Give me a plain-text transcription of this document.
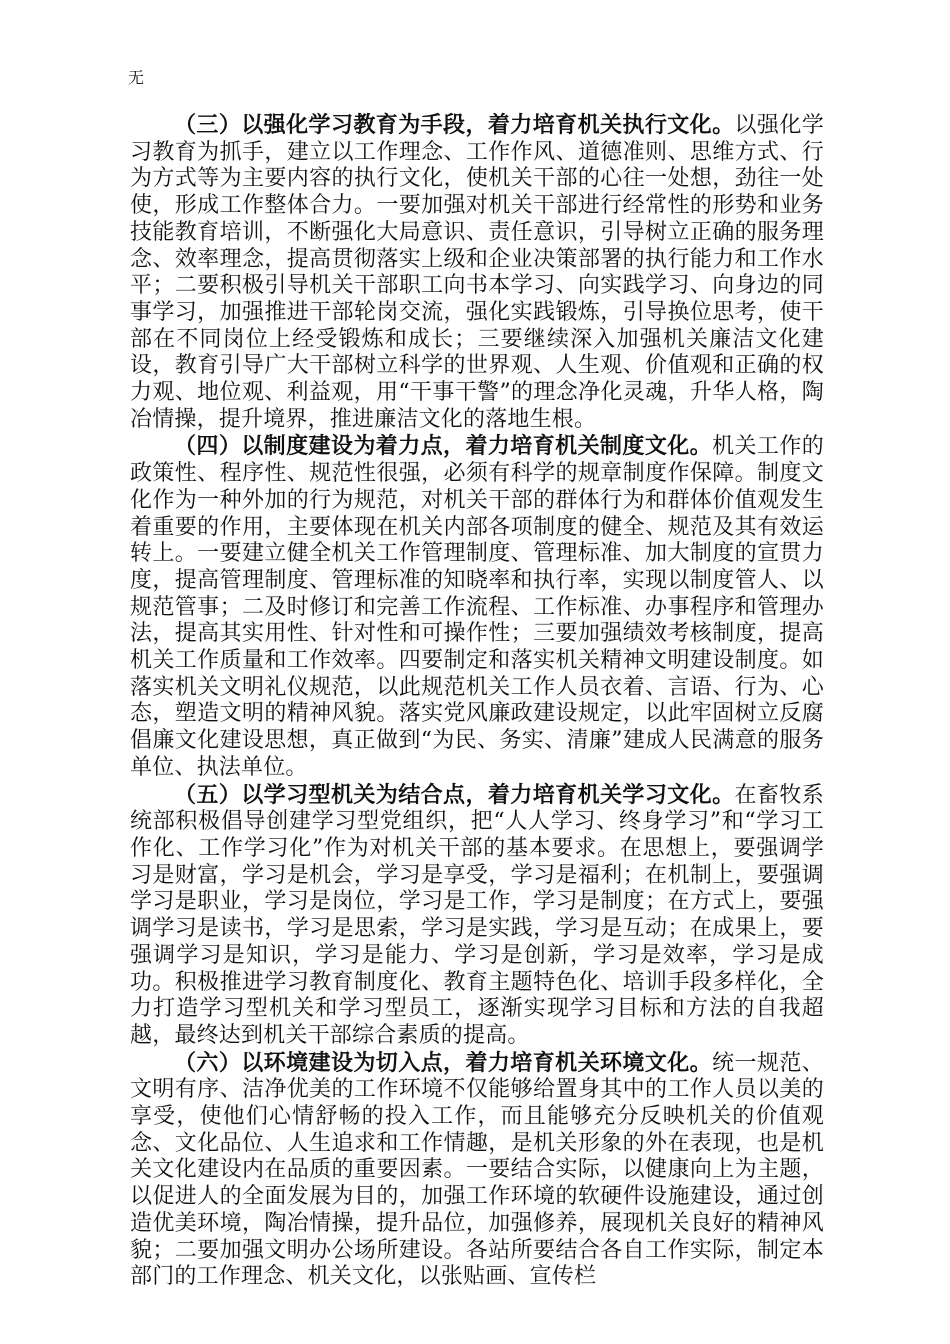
无

（三）以强化学习教育为手段，着力培育机关执行文化。以强化学习教育为抓手，建立以工作理念、工作作风、道德准则、思维方式、行为方式等为主要内容的执行文化，使机关干部的心往一处想，劲往一处使，形成工作整体合力。一要加强对机关干部进行经常性的形势和业务技能教育培训，不断强化大局意识、责任意识，引导树立正确的服务理念、效率理念，提高贯彻落实上级和企业决策部署的执行能力和工作水平；二要积极引导机关干部职工向书本学习、向实践学习、向身边的同事学习，加强推进干部轮岗交流，强化实践锻炼，引导换位思考，使干部在不同岗位上经受锻炼和成长；三要继续深入加强机关廉洁文化建设，教育引导广大干部树立科学的世界观、人生观、价值观和正确的权力观、地位观、利益观，用“干事干警”的理念净化灵魂，升华人格，陶冶情操，提升境界，推进廉洁文化的落地生根。

（四）以制度建设为着力点，着力培育机关制度文化。机关工作的政策性、程序性、规范性很强，必须有科学的规章制度作保障。制度文化作为一种外加的行为规范，对机关干部的群体行为和群体价值观发生着重要的作用，主要体现在机关内部各项制度的健全、规范及其有效运转上。一要建立健全机关工作管理制度、管理标准、加大制度的宣贯力度，提高管理制度、管理标准的知晓率和执行率，实现以制度管人、以规范管事；二及时修订和完善工作流程、工作标准、办事程序和管理办法，提高其实用性、针对性和可操作性；三要加强绩效考核制度，提高机关工作质量和工作效率。四要制定和落实机关精神文明建设制度。如落实机关文明礼仪规范，以此规范机关工作人员衣着、言语、行为、心态，塑造文明的精神风貌。落实党风廉政建设规定，以此牢固树立反腐倡廉文化建设思想，真正做到“为民、务实、清廉”建成人民满意的服务单位、执法单位。

（五）以学习型机关为结合点，着力培育机关学习文化。在畜牧系统部积极倡导创建学习型党组织，把“人人学习、终身学习”和“学习工作化、工作学习化”作为对机关干部的基本要求。在思想上，要强调学习是财富，学习是机会，学习是享受，学习是福利；在机制上，要强调学习是职业，学习是岗位，学习是工作，学习是制度；在方式上，要强调学习是读书，学习是思索，学习是实践，学习是互动；在成果上，要强调学习是知识，学习是能力、学习是创新，学习是效率，学习是成功。积极推进学习教育制度化、教育主题特色化、培训手段多样化，全力打造学习型机关和学习型员工，逐渐实现学习目标和方法的自我超越，最终达到机关干部综合素质的提高。

（六）以环境建设为切入点，着力培育机关环境文化。统一规范、文明有序、洁净优美的工作环境不仅能够给置身其中的工作人员以美的享受，使他们心情舒畅的投入工作，而且能够充分反映机关的价值观念、文化品位、人生追求和工作情趣，是机关形象的外在表现，也是机关文化建设内在品质的重要因素。一要结合实际，以健康向上为主题，以促进人的全面发展为目的，加强工作环境的软硬件设施建设，通过创造优美环境，陶冶情操，提升品位，加强修养，展现机关良好的精神风貌；二要加强文明办公场所建设。各站所要结合各自工作实际，制定本部门的工作理念、机关文化，以张贴画、宣传栏
